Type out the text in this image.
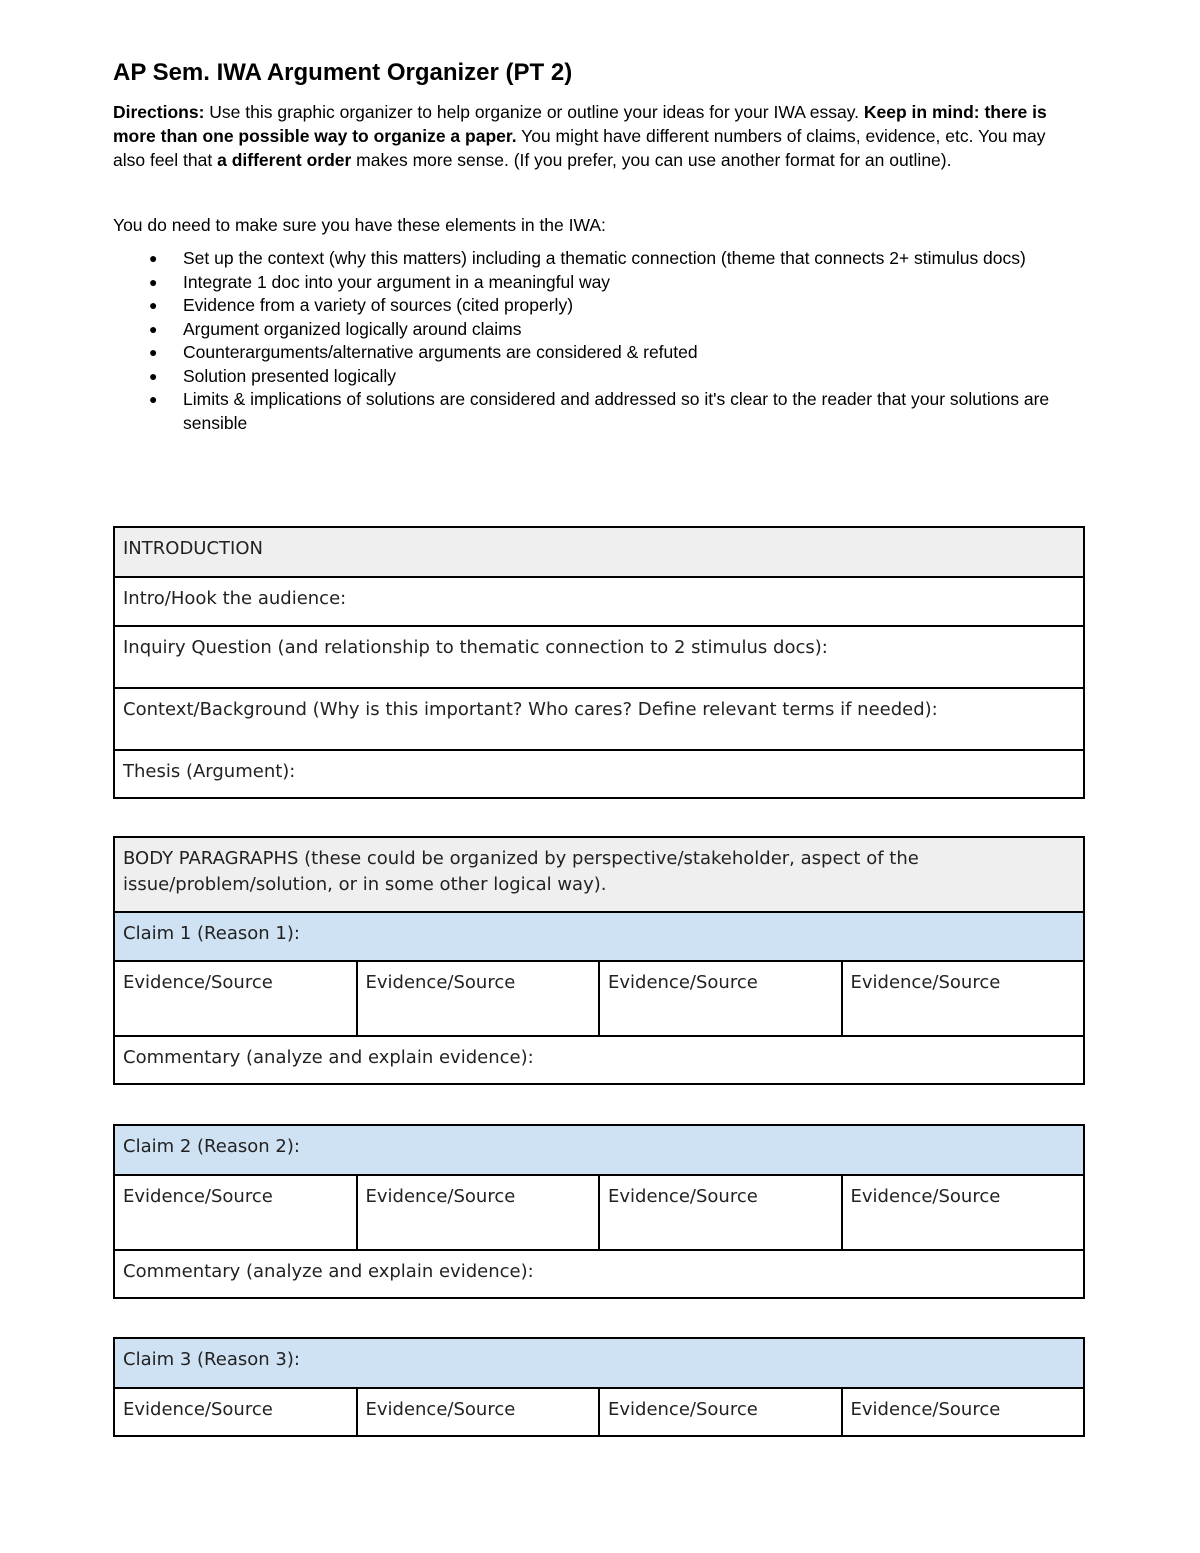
AP Sem. IWA Argument Organizer (PT 2)

Directions: Use this graphic organizer to help organize or outline your ideas for your IWA essay. Keep in mind: there is more than one possible way to organize a paper. You might have different numbers of claims, evidence, etc. You may also feel that a different order makes more sense. (If you prefer, you can use another format for an outline).

You do need to make sure you have these elements in the IWA:

● Set up the context (why this matters) including a thematic connection (theme that connects 2+ stimulus docs)
● Integrate 1 doc into your argument in a meaningful way
● Evidence from a variety of sources (cited properly)
● Argument organized logically around claims
● Counterarguments/alternative arguments are considered & refuted
● Solution presented logically
● Limits & implications of solutions are considered and addressed so it's clear to the reader that your solutions are sensible
INTRODUCTION
Intro/Hook the audience:
Inquiry Question (and relationship to thematic connection to 2 stimulus docs):
Context/Background (Why is this important? Who cares? Define relevant terms if needed):
Thesis (Argument):
BODY PARAGRAPHS (these could be organized by perspective/stakeholder, aspect of the issue/problem/solution, or in some other logical way).
Claim 1 (Reason 1):
Evidence/Source	Evidence/Source	Evidence/Source	Evidence/Source
Commentary (analyze and explain evidence):
Claim 2 (Reason 2):
Evidence/Source	Evidence/Source	Evidence/Source	Evidence/Source
Commentary (analyze and explain evidence):
Claim 3 (Reason 3):
Evidence/Source	Evidence/Source	Evidence/Source	Evidence/Source
